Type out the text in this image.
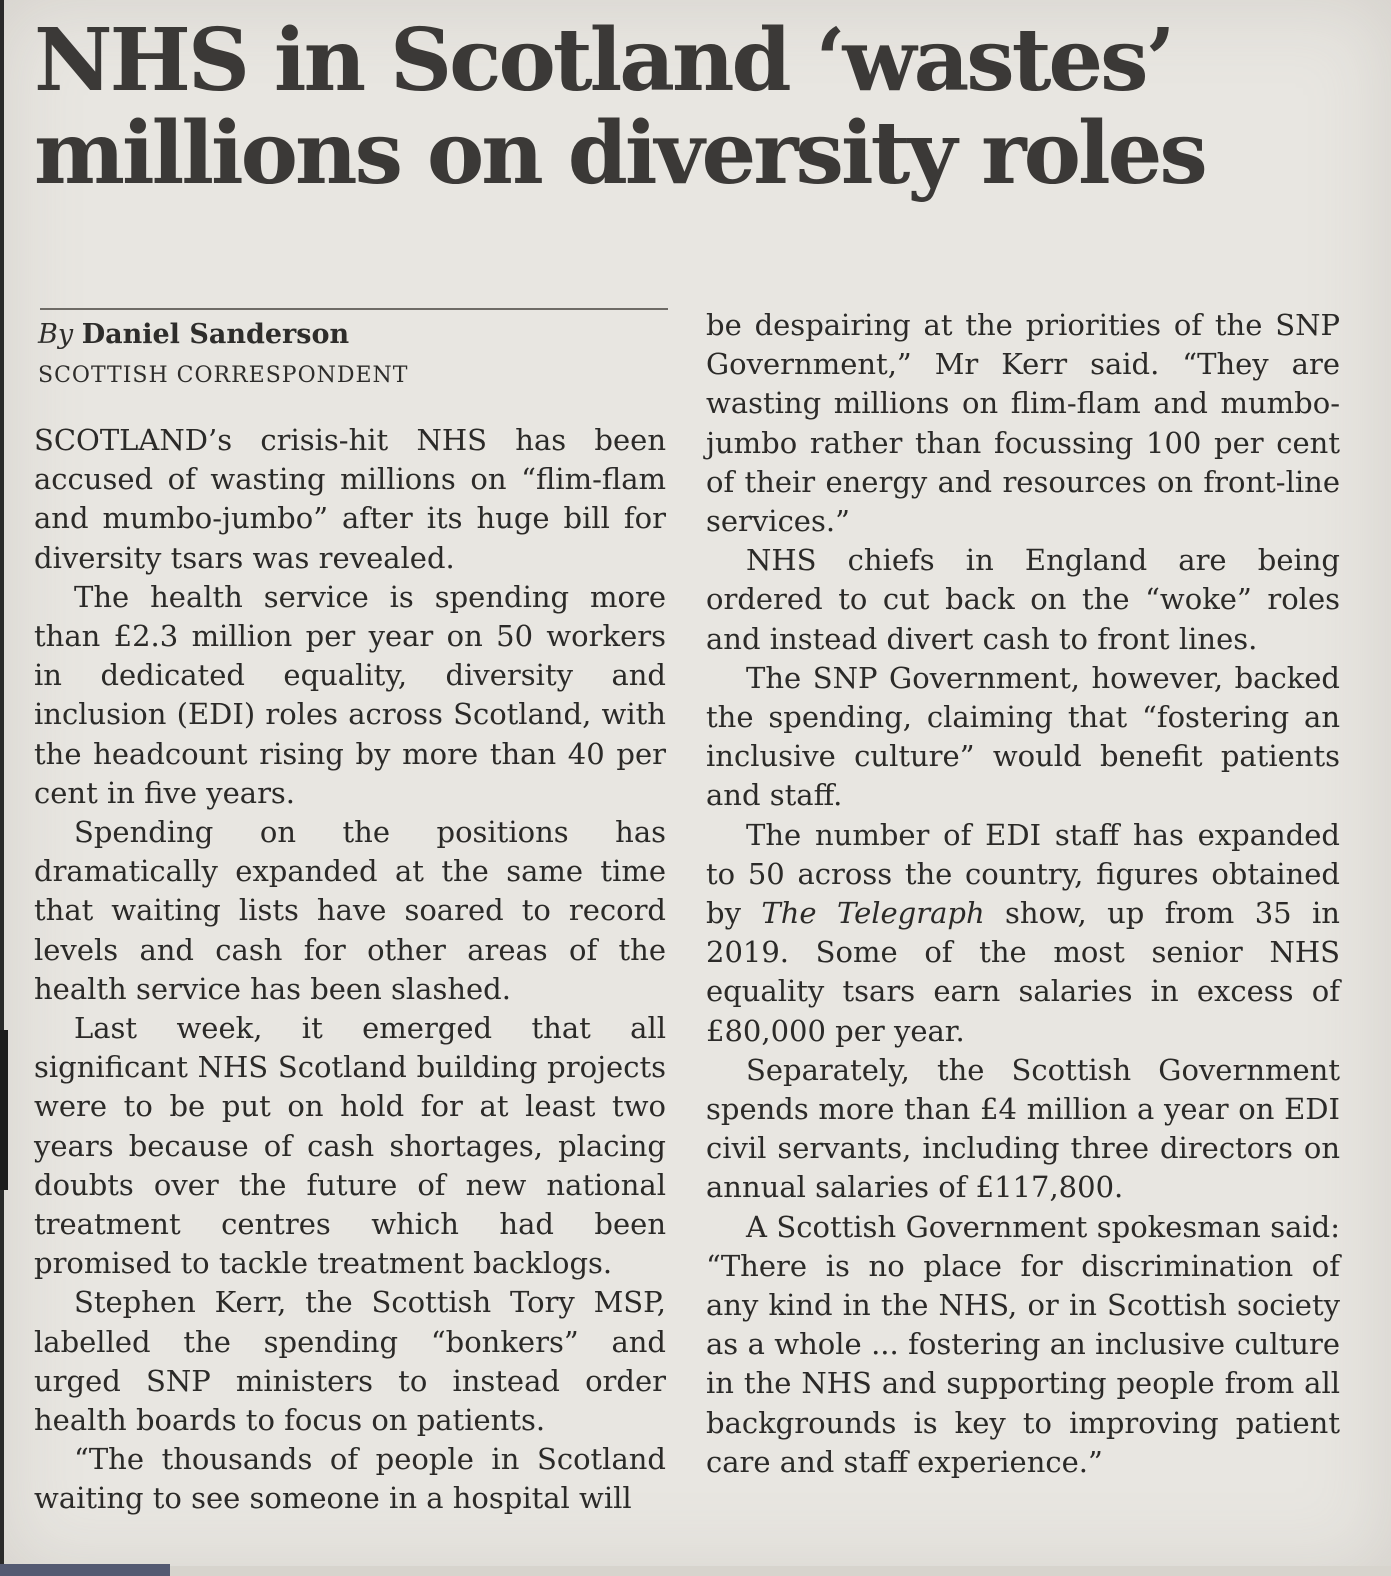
NHS in Scotland ‘wastes’
millions on diversity roles
By Daniel Sanderson
SCOTTISH CORRESPONDENT

SCOTLAND’s crisis-hit NHS has been accused of wasting millions on “flim-flam and mumbo-jumbo” after its huge bill for diversity tsars was revealed.

The health service is spending more than £2.3 million per year on 50 workers in dedicated equality, diversity and inclusion (EDI) roles across Scotland, with the headcount rising by more than 40 per cent in five years.

Spending on the positions has dramatically expanded at the same time that waiting lists have soared to record levels and cash for other areas of the health service has been slashed.

Last week, it emerged that all significant NHS Scotland building projects were to be put on hold for at least two years because of cash shortages, placing doubts over the future of new national treatment centres which had been promised to tackle treatment backlogs.

Stephen Kerr, the Scottish Tory MSP, labelled the spending “bonkers” and urged SNP ministers to instead order health boards to focus on patients.

“The thousands of people in Scotland waiting to see someone in a hospital will

be despairing at the priorities of the SNP Government,” Mr Kerr said. “They are wasting millions on flim-flam and mumbo-jumbo rather than focussing 100 per cent of their energy and resources on front-line services.”

NHS chiefs in England are being ordered to cut back on the “woke” roles and instead divert cash to front lines.

The SNP Government, however, backed the spending, claiming that “fostering an inclusive culture” would benefit patients and staff.

The number of EDI staff has expanded to 50 across the country, figures obtained by The Telegraph show, up from 35 in 2019. Some of the most senior NHS equality tsars earn salaries in excess of £80,000 per year.

Separately, the Scottish Government spends more than £4 million a year on EDI civil servants, including three directors on annual salaries of £117,800.

A Scottish Government spokesman said: “There is no place for discrimination of any kind in the NHS, or in Scottish society as a whole ... fostering an inclusive culture in the NHS and supporting people from all backgrounds is key to improving patient care and staff experience.”
